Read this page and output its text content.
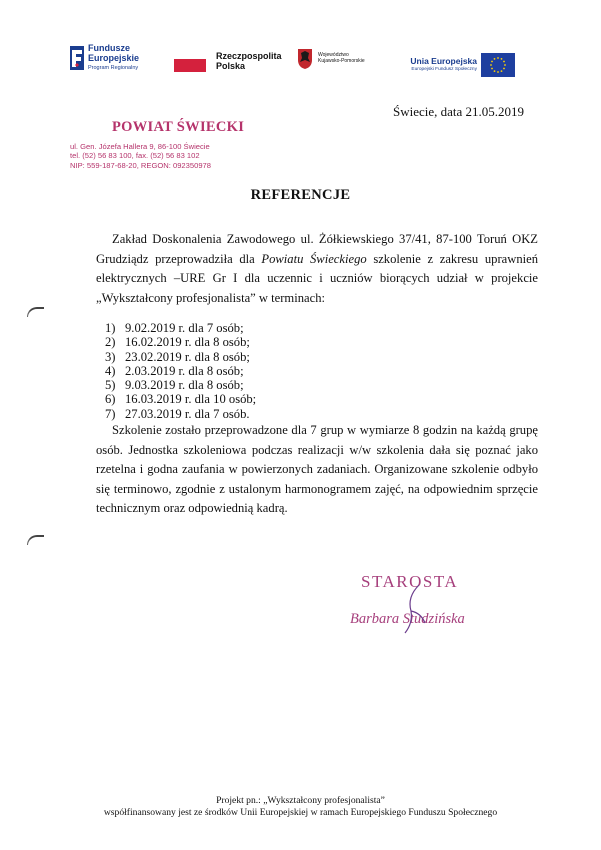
Fundusze
Europejskie
Program Regionalny
Rzeczpospolita
Polska
Województwo
Kujawsko-Pomorskie	Unia Europejska
Europejski Fundusz Społeczny
Świecie, data 21.05.2019
POWIAT ŚWIECKI
ul. Gen. Józefa Hallera 9, 86-100 Świecie
tel. (52) 56 83 100, fax. (52) 56 83 102
NIP: 559-187-68-20, REGON: 092350978
REFERENCJE
Zakład Doskonalenia Zawodowego ul. Żółkiewskiego 37/41, 87-100 Toruń OKZ Grudziądz przeprowadziła dla Powiatu Świeckiego szkolenie z zakresu uprawnień elektrycznych –URE Gr I dla uczennic i uczniów biorących udział w projekcie „Wykształcony profesjonalista” w terminach:
1) 9.02.2019 r. dla 7 osób;
2) 16.02.2019 r. dla 8 osób;
3) 23.02.2019 r. dla 8 osób;
4) 2.03.2019 r. dla 8 osób;
5) 9.03.2019 r. dla 8 osób;
6) 16.03.2019 r. dla 10 osób;
7) 27.03.2019 r. dla 7 osób.
Szkolenie zostało przeprowadzone dla 7 grup w wymiarze 8 godzin na każdą grupę osób. Jednostka szkoleniowa podczas realizacji w/w szkolenia dała się poznać jako rzetelna i godna zaufania w powierzonych zadaniach. Organizowane szkolenie odbyło się terminowo, zgodnie z ustalonym harmonogramem zajęć, na odpowiednim sprzęcie technicznym oraz odpowiednią kadrą.
STAROSTA
Barbara Studzińska
Projekt pn.: „Wykształcony profesjonalista”
współfinansowany jest ze środków Unii Europejskiej w ramach Europejskiego Funduszu Społecznego
